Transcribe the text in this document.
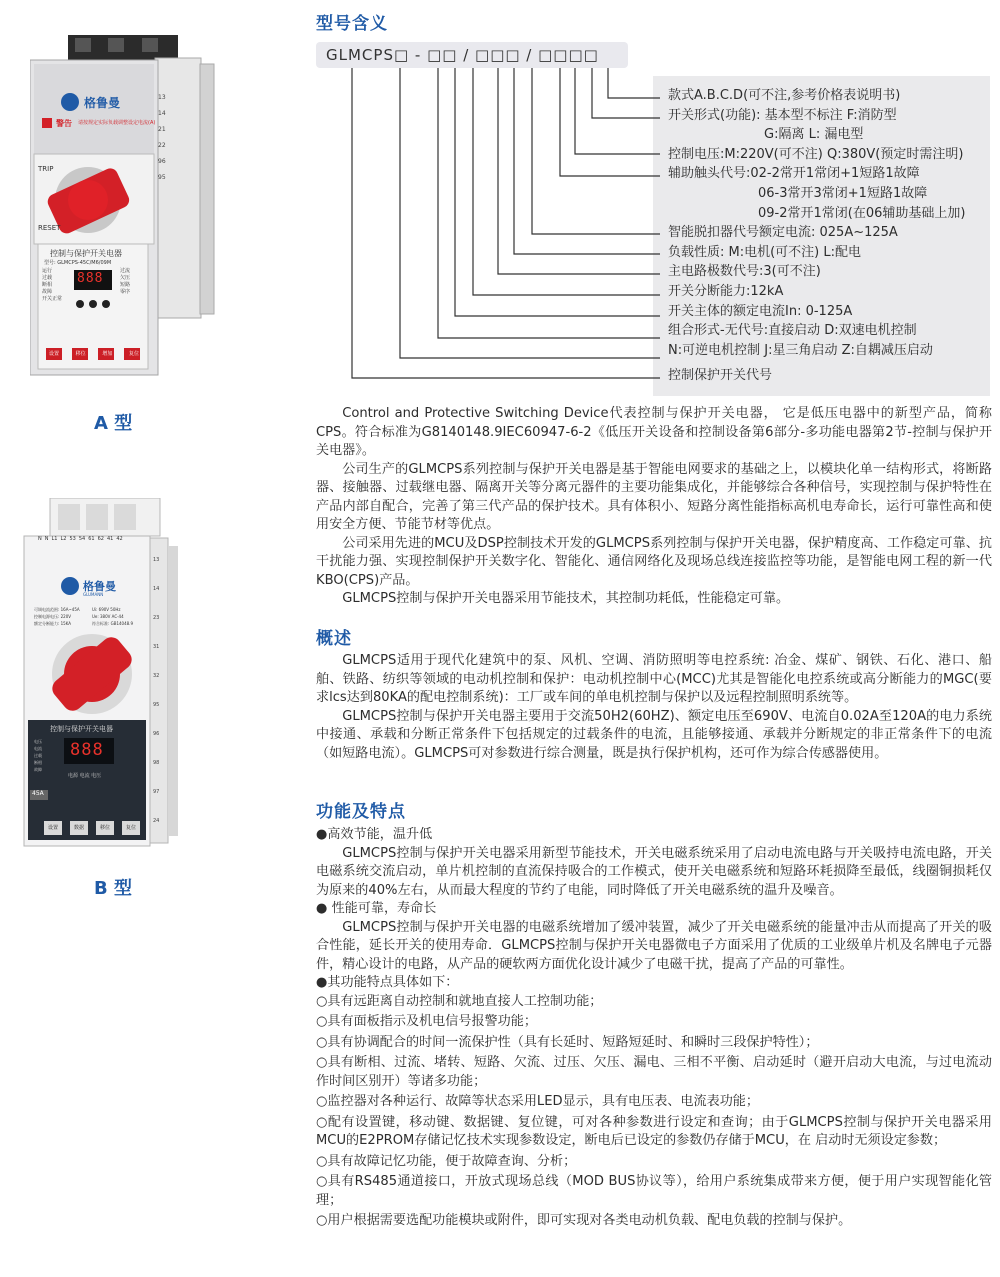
格鲁曼
警告 请按规定实际负载调整设定电流(A)
TRIP
RESET
控制与保护开关电器
型号: GLMCPS-45C/M6/09M
888
运行
过载
断相
故障
开关正常
过流
欠压
短路
零序
13
14
21
22
96
95
设置	移位	增加	复位
A 型
N N L1 L2 53 54 61 62 41 42
格鲁曼
GLUMANN
可调电流范围: 16A~45A
控制电源电压: 220V
额定分断能力: 15KA
Ui: 690V 50Hz
Ue: 380V AC-44
符合标准: GB14048.9
控制与保护开关电器
电压
电流
过载
断相
故障
888
电源 电流 电压
45A
13
14
23
31
32
95
96
98
97
24
设置	数据	移位	复位
B 型
型号含义
GLMCPS□ - □□ / □□□ / □□□□
款式A.B.C.D(可不注,参考价格表说明书)
开关形式(功能): 基本型不标注 F:消防型
G:隔离 L: 漏电型
控制电压:M:220V(可不注) Q:380V(预定时需注明)
辅助触头代号:02-2常开1常闭+1短路1故障
06-3常开3常闭+1短路1故障
09-2常开1常闭(在06辅助基础上加)
智能脱扣器代号额定电流: 025A~125A
负载性质: M:电机(可不注) L:配电
主电路极数代号:3(可不注)
开关分断能力:12kA
开关主体的额定电流In: 0-125A
组合形式-无代号:直接启动 D:双速电机控制
N:可逆电机控制 J:星三角启动 Z:自耦减压启动
控制保护开关代号

Control and Protective Switching Device代表控制与保护开关电器， 它是低压电器中的新型产品，简称CPS。符合标准为G8140148.9IEC60947-6-2《低压开关设备和控制设备第6部分-多功能电器第2节-控制与保护开关电器》。

公司生产的GLMCPS系列控制与保护开关电器是基于智能电网要求的基础之上，以模块化单一结构形式，将断路器、接触器、过载继电器、隔离开关等分离元器件的主要功能集成化，并能够综合各种信号，实现控制与保护特性在产品内部自配合，完善了第三代产品的保护技术。具有体积小、短路分离性能指标高机电寿命长，运行可靠性高和使用安全方便、节能节材等优点。

公司采用先进的MCU及DSP控制技术开发的GLMCPS系列控制与保护开关电器，保护精度高、工作稳定可靠、抗干扰能力强、实现控制保护开关数字化、智能化、通信网络化及现场总线连接监控等功能，是智能电网工程的新一代KBO(CPS)产品。

GLMCPS控制与保护开关电器采用节能技术，其控制功耗低，性能稳定可靠。

概述

GLMCPS适用于现代化建筑中的泵、风机、空调、消防照明等电控系统: 冶金、煤矿、钢铁、石化、港口、船舶、铁路、纺织等领域的电动机控制和保护：电动机控制中心(MCC)尤其是智能化电控系统或高分断能力的MGC(要求lcs达到80KA的配电控制系统)：工厂或车间的单电机控制与保护以及远程控制照明系统等。

GLMCPS控制与保护开关电器主要用于交流50H2(60HZ)、额定电压至690V、电流自0.02A至120A的电力系统中接通、承载和分断正常条件下包括规定的过载条件的电流，且能够接通、承载并分断规定的非正常条件下的电流（如短路电流）。GLMCPS可对参数进行综合测量，既是执行保护机构，还可作为综合传感器使用。

功能及特点

●高效节能，温升低

GLMCPS控制与保护开关电器采用新型节能技术，开关电磁系统采用了启动电流电路与开关吸持电流电路，开关电磁系统交流启动，单片机控制的直流保持吸合的工作模式，使开关电磁系统和短路环耗损降至最低，线圈铜损耗仅为原来的40%左右，从而最大程度的节约了电能，同时降低了开关电磁系统的温升及噪音。

● 性能可靠，寿命长

GLMCPS控制与保护开关电器的电磁系统增加了缓冲装置，减少了开关电磁系统的能量冲击从而提高了开关的吸合性能，延长开关的使用寿命．GLMCPS控制与保护开关电器微电子方面采用了优质的工业级单片机及名牌电子元器件，精心设计的电路，从产品的硬软两方面优化设计减少了电磁干扰，提高了产品的可靠性。

●其功能特点具体如下：

○具有远距离自动控制和就地直接人工控制功能；
○具有面板指示及机电信号报警功能；
○具有协调配合的时间一流保护性（具有长延时、短路短延时、和瞬时三段保护特性）；
○具有断相、过流、堵转、短路、欠流、过压、欠压、漏电、三相不平衡、启动延时（避开启动大电流，与过电流动作时间区别开）等诸多功能；
○监控器对各种运行、故障等状态采用LED显示，具有电压表、电流表功能；
○配有设置键，移动键、数据键、复位键，可对各种参数进行设定和查询；由于GLMCPS控制与保护开关电器采用MCU的E2PROM存储记忆技术实现参数设定，断电后已设定的参数仍存储于MCU，在 启动时无须设定参数；
○具有故障记忆功能，便于故障查询、分析；
○具有RS485通道接口，开放式现场总线（MOD BUS协议等），给用户系统集成带来方便，便于用户实现智能化管理；
○用户根据需要选配功能模块或附件，即可实现对各类电动机负载、配电负载的控制与保护。
